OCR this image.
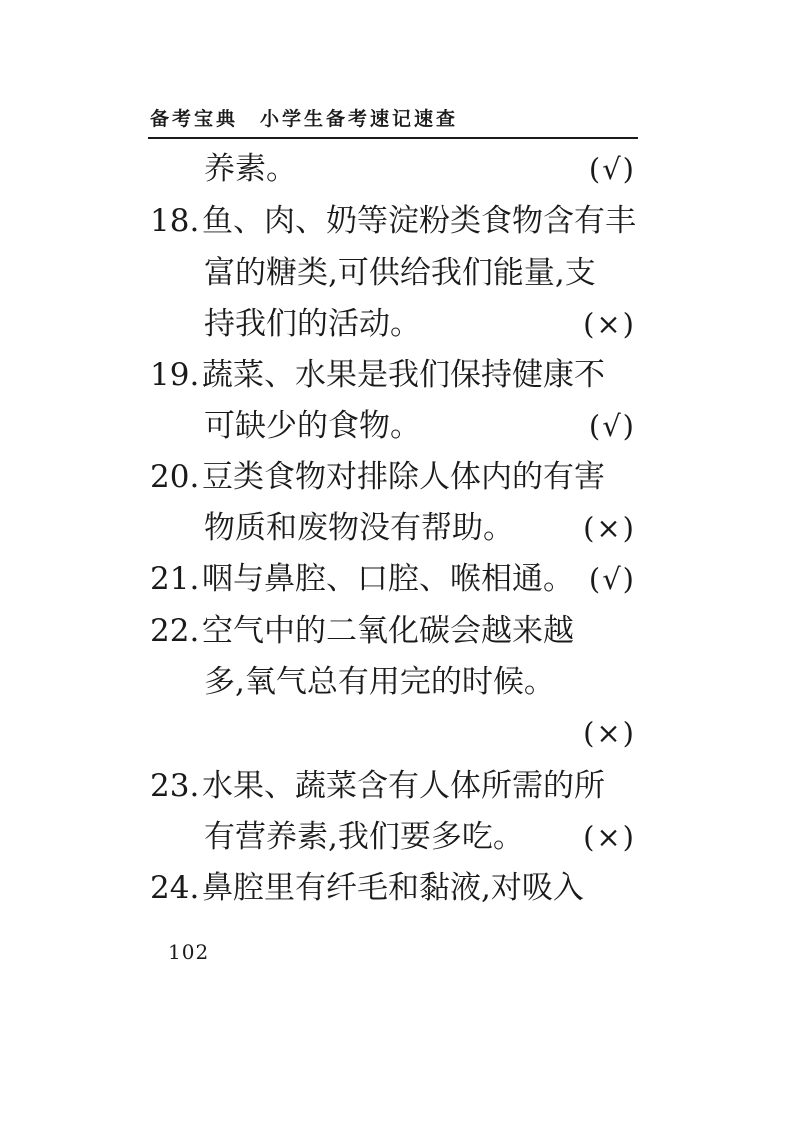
备考宝典 小学生备考速记速查
养素。	(√)
18.鱼、肉、奶等淀粉类食物含有丰
富的糖类,可供给我们能量,支
持我们的活动。	(×)
19.蔬菜、水果是我们保持健康不
可缺少的食物。	(√)
20.豆类食物对排除人体内的有害
物质和废物没有帮助。 (×)
21.咽与鼻腔、口腔、喉相通。 (√)
22.空气中的二氧化碳会越来越
多,氧气总有用完的时候。
(×)
23.水果、蔬菜含有人体所需的所
有营养素,我们要多吃。 (×)
24.鼻腔里有纤毛和黏液,对吸入
102
